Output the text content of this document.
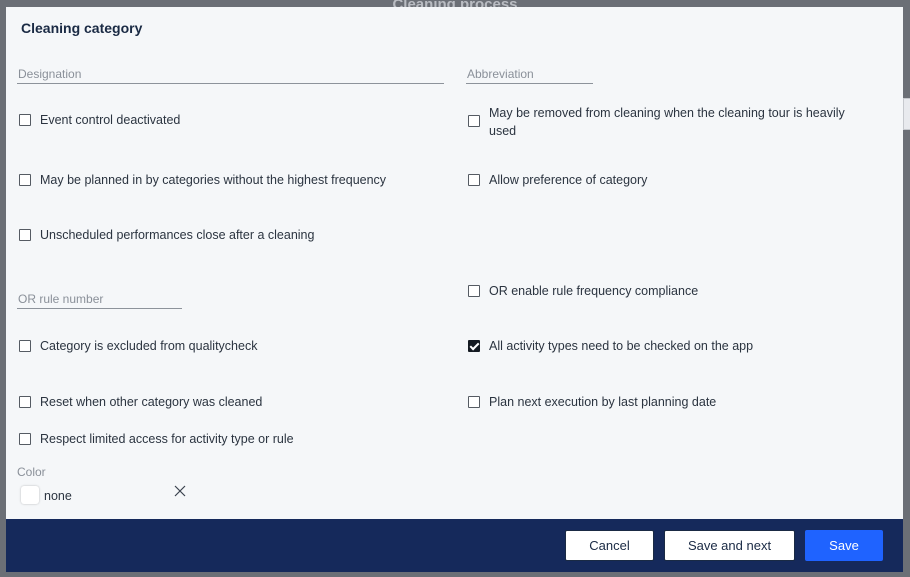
Cleaning category
Designation
Abbreviation
Event control deactivated	May be removed from cleaning when the cleaning tour is heavily used
May be planned in by categories without the highest frequency	Allow preference of category
Unscheduled performances close after a cleaning
OR rule number
OR enable rule frequency compliance
Category is excluded from qualitycheck	All activity types need to be checked on the app
Reset when other category was cleaned	Plan next execution by last planning date
Respect limited access for activity type or rule
Color
none
Cancel	Save and next	Save
